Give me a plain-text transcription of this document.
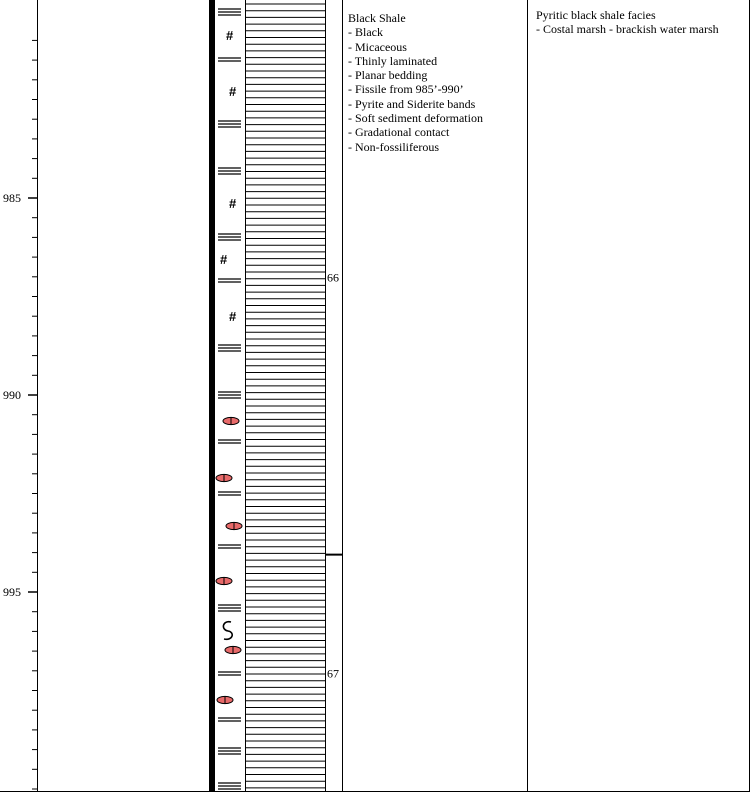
985
990
995
#
#
#
#
#
66
67
Black Shale
- Black
- Micaceous
- Thinly laminated
- Planar bedding
- Fissile from 985’-990’
- Pyrite and Siderite bands
- Soft sediment deformation
- Gradational contact
- Non-fossiliferous
Pyritic black shale facies
- Costal marsh - brackish water marsh
